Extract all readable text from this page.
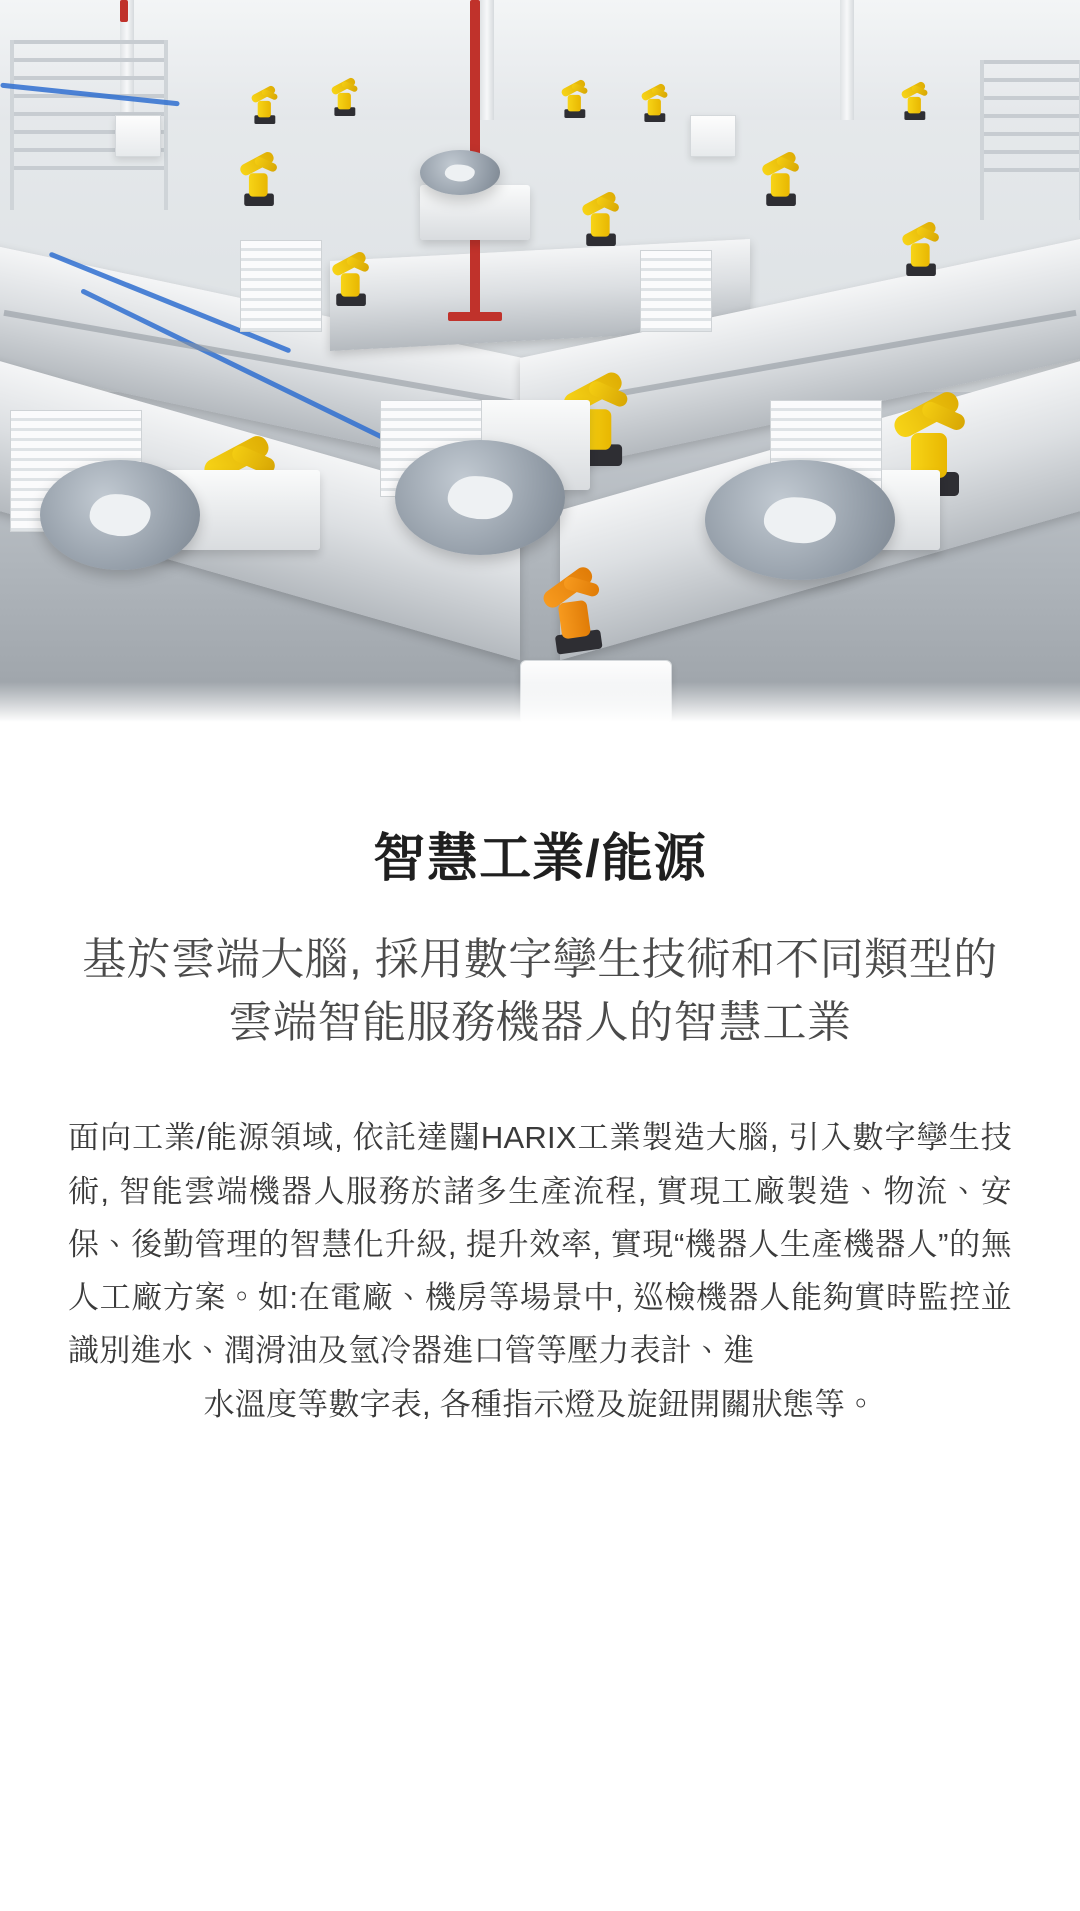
智慧工業/能源

基於雲端大腦, 採用數字孿生技術和不同類型的雲端智能服務機器人的智慧工業

面向工業/能源領域, 依託達闥HARIX工業製造大腦, 引入數字孿生技術, 智能雲端機器人服務於諸多生產流程, 實現工廠製造、物流、安保、後勤管理的智慧化升級, 提升效率, 實現“機器人生產機器人”的無人工廠方案。如:在電廠、機房等場景中, 巡檢機器人能夠實時監控並識別進水、潤滑油及氫冷器進口管等壓力表計、進
水溫度等數字表, 各種指示燈及旋鈕開關狀態等。
